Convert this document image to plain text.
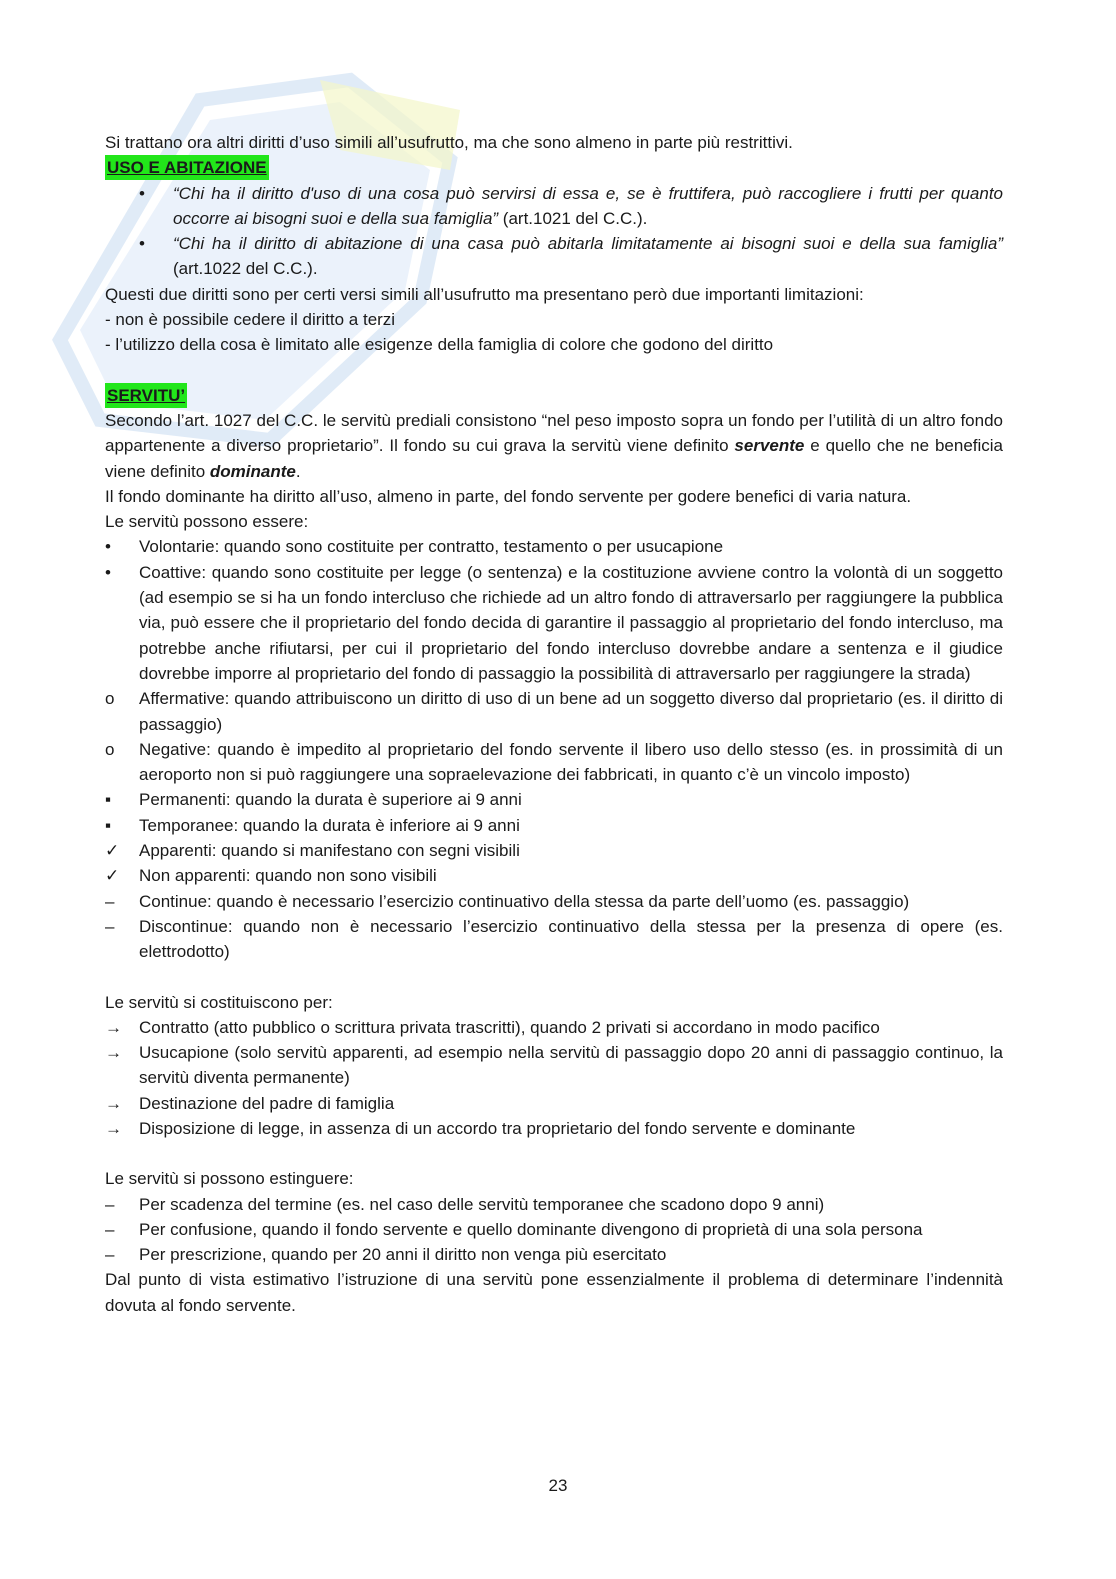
Si trattano ora altri diritti d’uso simili all’usufrutto, ma che sono almeno in parte più restrittivi.

USO E ABITAZIONE
•	“Chi ha il diritto d'uso di una cosa può servirsi di essa e, se è fruttifera, può raccogliere i frutti per quanto occorre ai bisogni suoi e della sua famiglia” (art.1021 del C.C.).
•	“Chi ha il diritto di abitazione di una casa può abitarla limitatamente ai bisogni suoi e della sua famiglia” (art.1022 del C.C.).

Questi due diritti sono per certi versi simili all’usufrutto ma presentano però due importanti limitazioni:

- non è possibile cedere il diritto a terzi

- l’utilizzo della cosa è limitato alle esigenze della famiglia di colore che godono del diritto

SERVITU’

Secondo l’art. 1027 del C.C. le servitù prediali consistono “nel peso imposto sopra un fondo per l’utilità di un altro fondo appartenente a diverso proprietario”. Il fondo su cui grava la servitù viene definito servente e quello che ne beneficia viene definito dominante.

Il fondo dominante ha diritto all’uso, almeno in parte, del fondo servente per godere benefici di varia natura.

Le servitù possono essere:

•	Volontarie: quando sono costituite per contratto, testamento o per usucapione
•	Coattive: quando sono costituite per legge (o sentenza) e la costituzione avviene contro la volontà di un soggetto (ad esempio se si ha un fondo intercluso che richiede ad un altro fondo di attraversarlo per raggiungere la pubblica via, può essere che il proprietario del fondo decida di garantire il passaggio al proprietario del fondo intercluso, ma potrebbe anche rifiutarsi, per cui il proprietario del fondo intercluso dovrebbe andare a sentenza e il giudice dovrebbe imporre al proprietario del fondo di passaggio la possibilità di attraversarlo per raggiungere la strada)
o	Affermative: quando attribuiscono un diritto di uso di un bene ad un soggetto diverso dal proprietario (es. il diritto di passaggio)
o	Negative: quando è impedito al proprietario del fondo servente il libero uso dello stesso (es. in prossimità di un aeroporto non si può raggiungere una sopraelevazione dei fabbricati, in quanto c’è un vincolo imposto)
▪	Permanenti: quando la durata è superiore ai 9 anni
▪	Temporanee: quando la durata è inferiore ai 9 anni
✓	Apparenti: quando si manifestano con segni visibili
✓	Non apparenti: quando non sono visibili
–	Continue: quando è necessario l’esercizio continuativo della stessa da parte dell’uomo (es. passaggio)
–	Discontinue: quando non è necessario l’esercizio continuativo della stessa per la presenza di opere (es. elettrodotto)

Le servitù si costituiscono per:

→	Contratto (atto pubblico o scrittura privata trascritti), quando 2 privati si accordano in modo pacifico
→	Usucapione (solo servitù apparenti, ad esempio nella servitù di passaggio dopo 20 anni di passaggio continuo, la servitù diventa permanente)
→	Destinazione del padre di famiglia
→	Disposizione di legge, in assenza di un accordo tra proprietario del fondo servente e dominante

Le servitù si possono estinguere:

–	Per scadenza del termine (es. nel caso delle servitù temporanee che scadono dopo 9 anni)
–	Per confusione, quando il fondo servente e quello dominante divengono di proprietà di una sola persona
–	Per prescrizione, quando per 20 anni il diritto non venga più esercitato

Dal punto di vista estimativo l’istruzione di una servitù pone essenzialmente il problema di determinare l’indennità dovuta al fondo servente.

23
